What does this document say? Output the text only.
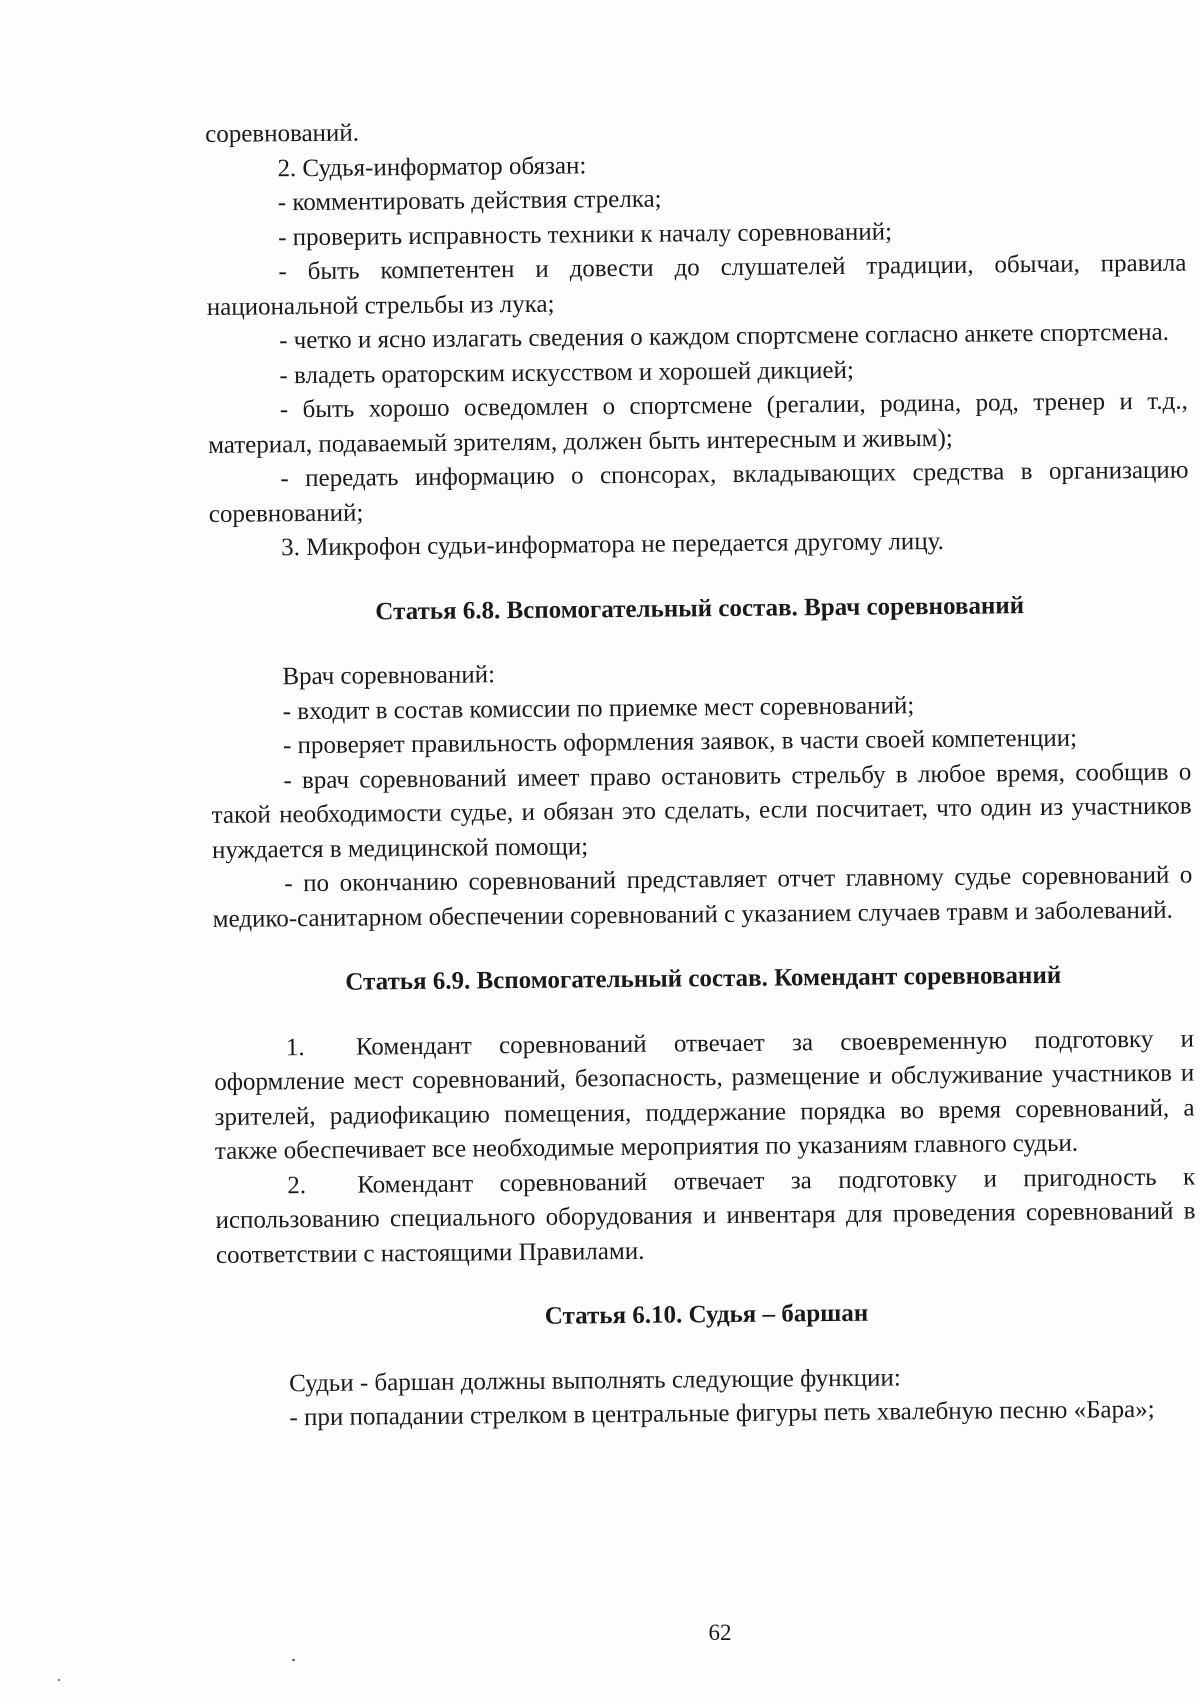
соревнований.

2. Судья-информатор обязан:

- комментировать действия стрелка;

- проверить исправность техники к началу соревнований;

- быть компетентен и довести до слушателей традиции, обычаи, правила национальной стрельбы из лука;

- четко и ясно излагать сведения о каждом спортсмене согласно анкете спортсмена.

- владеть ораторским искусством и хорошей дикцией;

- быть хорошо осведомлен о спортсмене (регалии, родина, род, тренер и т.д., материал, подаваемый зрителям, должен быть интересным и живым);

- передать информацию о спонсорах, вкладывающих средства в организацию соревнований;

3. Микрофон судьи-информатора не передается другому лицу.

Статья 6.8. Вспомогательный состав. Врач соревнований

Врач соревнований:

- входит в состав комиссии по приемке мест соревнований;

- проверяет правильность оформления заявок, в части своей компетенции;

- врач соревнований имеет право остановить стрельбу в любое время, сообщив о такой необходимости судье, и обязан это сделать, если посчитает, что один из участников нуждается в медицинской помощи;

- по окончанию соревнований представляет отчет главному судье соревнований о медико-санитарном обеспечении соревнований с указанием случаев травм и заболеваний.

Статья 6.9. Вспомогательный состав. Комендант соревнований

1. Комендант соревнований отвечает за своевременную подготовку и оформление мест соревнований, безопасность, размещение и обслуживание участников и зрителей, радиофикацию помещения, поддержание порядка во время соревнований, а также обеспечивает все необходимые мероприятия по указаниям главного судьи.

2. Комендант соревнований отвечает за подготовку и пригодность к использованию специального оборудования и инвентаря для проведения соревнований в соответствии с настоящими Правилами.

Статья 6.10. Судья – баршан

Судьи - баршан должны выполнять следующие функции:

- при попадании стрелком в центральные фигуры петь хвалебную песню «Бара»;

62
